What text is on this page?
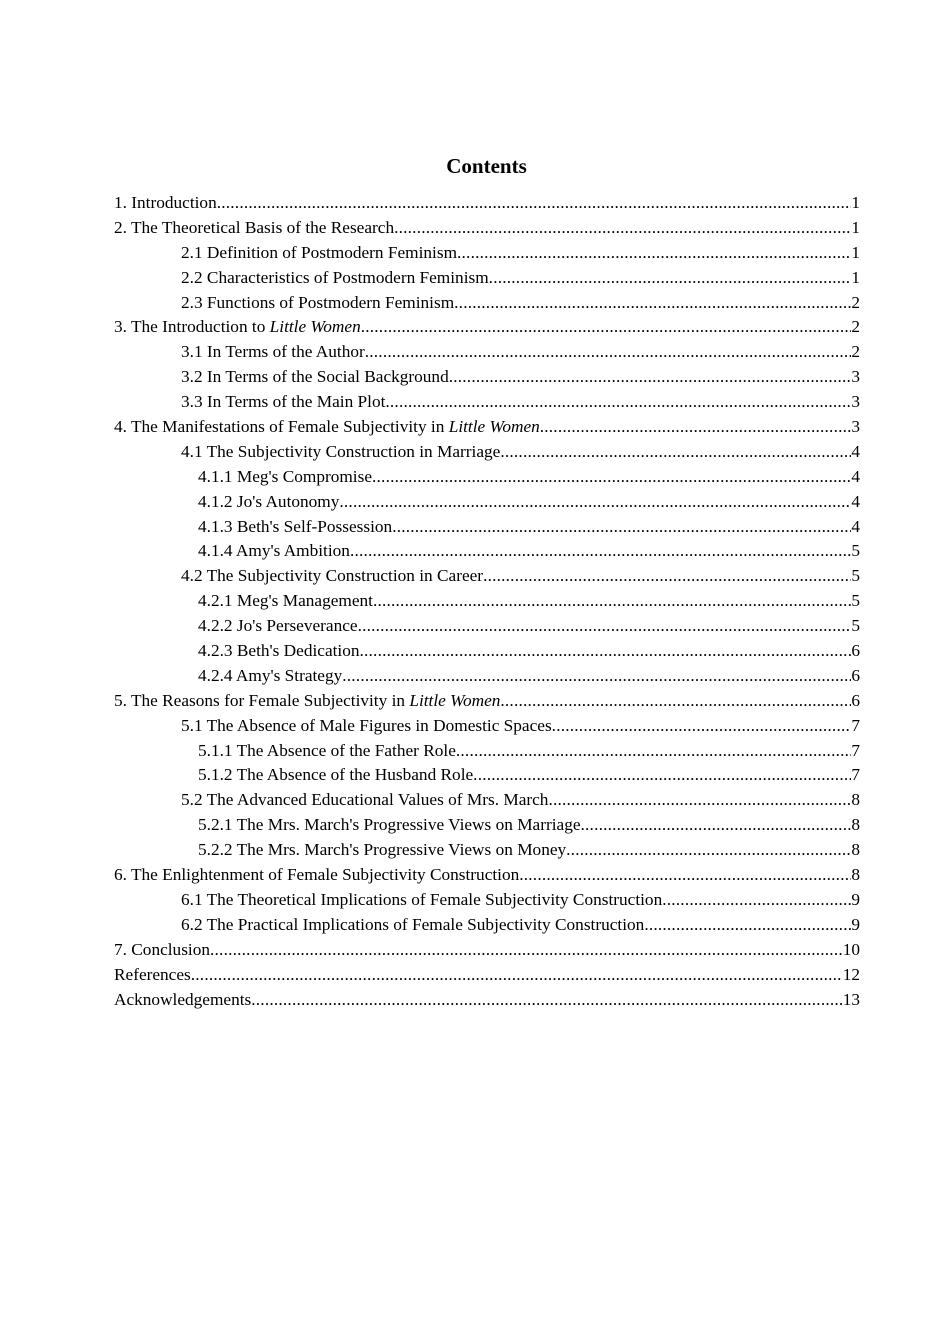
Contents
1. Introduction .....	1
2. The Theoretical Basis of the Research .....	1
2.1 Definition of Postmodern Feminism .....	1
2.2 Characteristics of Postmodern Feminism .....	1
2.3 Functions of Postmodern Feminism .....	2
3. The Introduction to Little Women .....	2
3.1 In Terms of the Author .....	2
3.2 In Terms of the Social Background .....	3
3.3 In Terms of the Main Plot .....	3
4. The Manifestations of Female Subjectivity in Little Women .....	3
4.1 The Subjectivity Construction in Marriage .....	4
4.1.1 Meg's Compromise .....	4
4.1.2 Jo's Autonomy .....	4
4.1.3 Beth's Self-Possession .....	4
4.1.4 Amy's Ambition .....	5
4.2 The Subjectivity Construction in Career .....	5
4.2.1 Meg's Management .....	5
4.2.2 Jo's Perseverance .....	5
4.2.3 Beth's Dedication .....	6
4.2.4 Amy's Strategy .....	6
5. The Reasons for Female Subjectivity in Little Women .....	6
5.1 The Absence of Male Figures in Domestic Spaces .....	7
5.1.1 The Absence of the Father Role .....	7
5.1.2 The Absence of the Husband Role .....	7
5.2 The Advanced Educational Values of Mrs. March .....	8
5.2.1 The Mrs. March's Progressive Views on Marriage .....	8
5.2.2 The Mrs. March's Progressive Views on Money .....	8
6. The Enlightenment of Female Subjectivity Construction .....	8
6.1 The Theoretical Implications of Female Subjectivity Construction .....	9
6.2 The Practical Implications of Female Subjectivity Construction .....	9
7. Conclusion .....	10
References .....	12
Acknowledgements .....	13
